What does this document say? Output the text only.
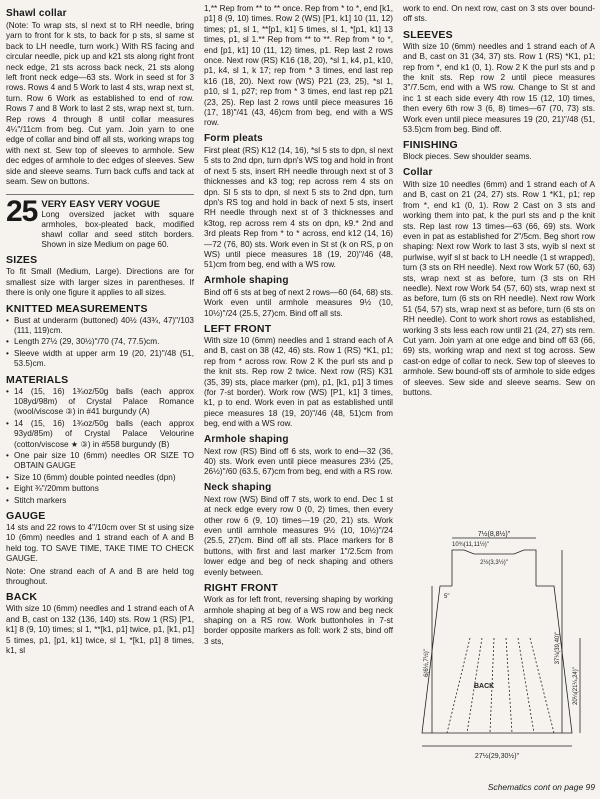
Shawl collar

(Note: To wrap sts, sl next st to RH needle, bring yarn to front for k sts, to back for p sts, sl same st back to LH needle, turn work.) With RS facing and circular needle, pick up and k21 sts along right front neck edge, 21 sts across back neck, 21 sts along left front neck edge—63 sts. Work in seed st for 3 rows. Rows 4 and 5 Work to last 4 sts, wrap next st, turn. Row 6 Work as established to end of row. Rows 7 and 8 Work to last 2 sts, wrap next st, turn. Rep rows 4 through 8 until collar measures 4¼"/11cm from beg. Cut yarn. Join yarn to one edge of collar and bind off all sts, working wraps tog with next st. Sew top of sleeves to armhole. Sew dec edges of armhole to dec edges of sleeves. Sew side and sleeve seams. Turn back cuffs and tack at seam. Sew on buttons.

25 VERY EASY VERY VOGUE
Long oversized jacket with square armholes, box-pleated back, modified shawl collar and seed stitch borders. Shown in size Medium on page 60.
SIZES

To fit Small (Medium, Large). Directions are for smallest size with larger sizes in parentheses. If there is only one figure it applies to all sizes.

KNITTED MEASUREMENTS
• Bust at underarm (buttoned) 40½ (43¾, 47)"/103 (111, 119)cm.
• Length 27½ (29, 30½)"/70 (74, 77.5)cm.
• Sleeve width at upper arm 19 (20, 21)"/48 (51, 53.5)cm.
MATERIALS
• 14 (15, 16) 1¾oz/50g balls (each approx 108yd/98m) of Crystal Palace Romance (wool/viscose ③) in #41 burgundy (A)
• 14 (15, 16) 1¾oz/50g balls (each approx 93yd/85m) of Crystal Palace Velourine (cotton/viscose ★ ③) in #558 burgundy (B)
• One pair size 10 (6mm) needles OR SIZE TO OBTAIN GAUGE
• Size 10 (6mm) double pointed needles (dpn)
• Eight ¾"/20mm buttons
• Stitch markers
GAUGE

14 sts and 22 rows to 4"/10cm over St st using size 10 (6mm) needles and 1 strand each of A and B held tog. TO SAVE TIME, TAKE TIME TO CHECK GAUGE.

Note: One strand each of A and B are held tog throughout.

BACK

With size 10 (6mm) needles and 1 strand each of A and B, cast on 132 (136, 140) sts. Row 1 (RS) [P1, k1] 8 (9, 10) times; sl 1, **[k1, p1] twice, p1, [k1, p1] 5 times, p1, [p1, k1] twice, sl 1, *[k1, p1] 8 times, k1, sl

1,** Rep from ** to ** once. Rep from * to *, end [k1, p1] 8 (9, 10) times. Row 2 (WS) [P1, k1] 10 (11, 12) times; p1, sl 1, **[p1, k1] 5 times, sl 1, *[p1, k1] 13 times, p1, sl 1.** Rep from ** to **. Rep from * to *, end [p1, k1] 10 (11, 12) times, p1. Rep last 2 rows once. Next row (RS) K16 (18, 20), *sl 1, k4, p1, k10, p1, k4, sl 1, k 17; rep from * 3 times, end last rep k16 (18, 20). Next row (WS) P21 (23, 25), *sl 1, p10, sl 1, p27; rep from * 3 times, end last rep p21 (23, 25). Rep last 2 rows until piece measures 16 (17, 18)"/41 (43, 46)cm from beg, end with a WS row.

Form pleats

First pleat (RS) K12 (14, 16), *sl 5 sts to dpn, sl next 5 sts to 2nd dpn, turn dpn's WS tog and hold in front of next 5 sts, insert RH needle through next st of 3 thicknesses and k3 tog; rep across rem 4 sts on dpn. Sl 5 sts to dpn, sl next 5 sts to 2nd dpn, turn dpn's RS tog and hold in back of next 5 sts, insert RH needle through next st of 3 thicknesses and k3tog, rep across rem 4 sts on dpn, k9.* 2nd and 3rd pleats Rep from * to * across, end k12 (14, 16)—72 (76, 80) sts. Work even in St st (k on RS, p on WS) until piece measures 18 (19, 20)"/46 (48, 51)cm from beg, end with a WS row.

Armhole shaping

Bind off 6 sts at beg of next 2 rows—60 (64, 68) sts. Work even until armhole measures 9½ (10, 10½)"/24 (25.5, 27)cm. Bind off all sts.

LEFT FRONT

With size 10 (6mm) needles and 1 strand each of A and B, cast on 38 (42, 46) sts. Row 1 (RS) *K1, p1; rep from * across row. Row 2 K the purl sts and p the knit sts. Rep row 2 twice. Next row (RS) K31 (35, 39) sts, place marker (pm), p1, [k1, p1] 3 times (for 7-st border). Work row (WS) [P1, k1] 3 times, k1, p to end. Work even in pat as established until piece measures 18 (19, 20)"/46 (48, 51)cm from beg, end with a WS row.

Armhole shaping

Next row (RS) Bind off 6 sts, work to end—32 (36, 40) sts. Work even until piece measures 23½ (25, 26½)"/60 (63.5, 67)cm from beg, end with a RS row.

Neck shaping

Next row (WS) Bind off 7 sts, work to end. Dec 1 st at neck edge every row 0 (0, 2) times, then every other row 6 (9, 10) times—19 (20, 21) sts. Work even until armhole measures 9½ (10, 10½)"/24 (25.5, 27)cm. Bind off all sts. Place markers for 8 buttons, with first and last marker 1"/2.5cm from lower edge and beg of neck shaping and others evenly between.

RIGHT FRONT

Work as for left front, reversing shaping by working armhole shaping at beg of a WS row and beg neck shaping on a RS row. Work buttonholes in 7-st border opposite markers as foll: work 2 sts, bind off 3 sts,

work to end. On next row, cast on 3 sts over bound-off sts.

SLEEVES

With size 10 (6mm) needles and 1 strand each of A and B, cast on 31 (34, 37) sts. Row 1 (RS) *K1, p1; rep from *, end k1 (0, 1). Row 2 K the purl sts and p the knit sts. Rep row 2 until piece measures 3"/7.5cm, end with a WS row. Change to St st and inc 1 st each side every 4th row 15 (12, 10) times, then every 6th row 3 (6, 8) times—67 (70, 73) sts. Work even until piece measures 19 (20, 21)"/48 (51, 53.5)cm from beg. Bind off.

FINISHING

Block pieces. Sew shoulder seams.

Collar

With size 10 needles (6mm) and 1 strand each of A and B, cast on 21 (24, 27) sts. Row 1 *K1, p1; rep from *, end k1 (0, 1). Row 2 Cast on 3 sts and working them into pat, k the purl sts and p the knit sts. Rep last row 13 times—63 (66, 69) sts. Work even in pat as established for 2"/5cm. Beg short row shaping: Next row Work to last 3 sts, wyib sl next st purlwise, wyif sl st back to LH needle (1 st wrapped), turn (3 sts on RH needle). Next row Work 57 (60, 63) sts, wrap next st as before, turn (3 sts on RH needle). Next row Work 54 (57, 60) sts, wrap next st as before, turn (6 sts on RH needle). Next row Work 51 (54, 57) sts, wrap next st as before, turn (6 sts on RH needle). Cont to work short rows as established, working 3 sts less each row until 21 (24, 27) sts rem. Cut yarn. Join yarn at one edge and bind off 63 (66, 69) sts, working wrap and next st tog across. Sew cast-on edge of collar to neck. Sew top of sleeves to armhole. Sew bound-off sts of armhole to side edges of sleeves. Sew side and sleeve seams. Sew on buttons.

7½(8,8½)"
10¾(11,11½)"
2½(3,3½)"
5"
BACK
6(6½,7½)"	37¼(39,40)"
20¼(21¼,24)"
27½(29,30½)"
Schematics cont on page 99
